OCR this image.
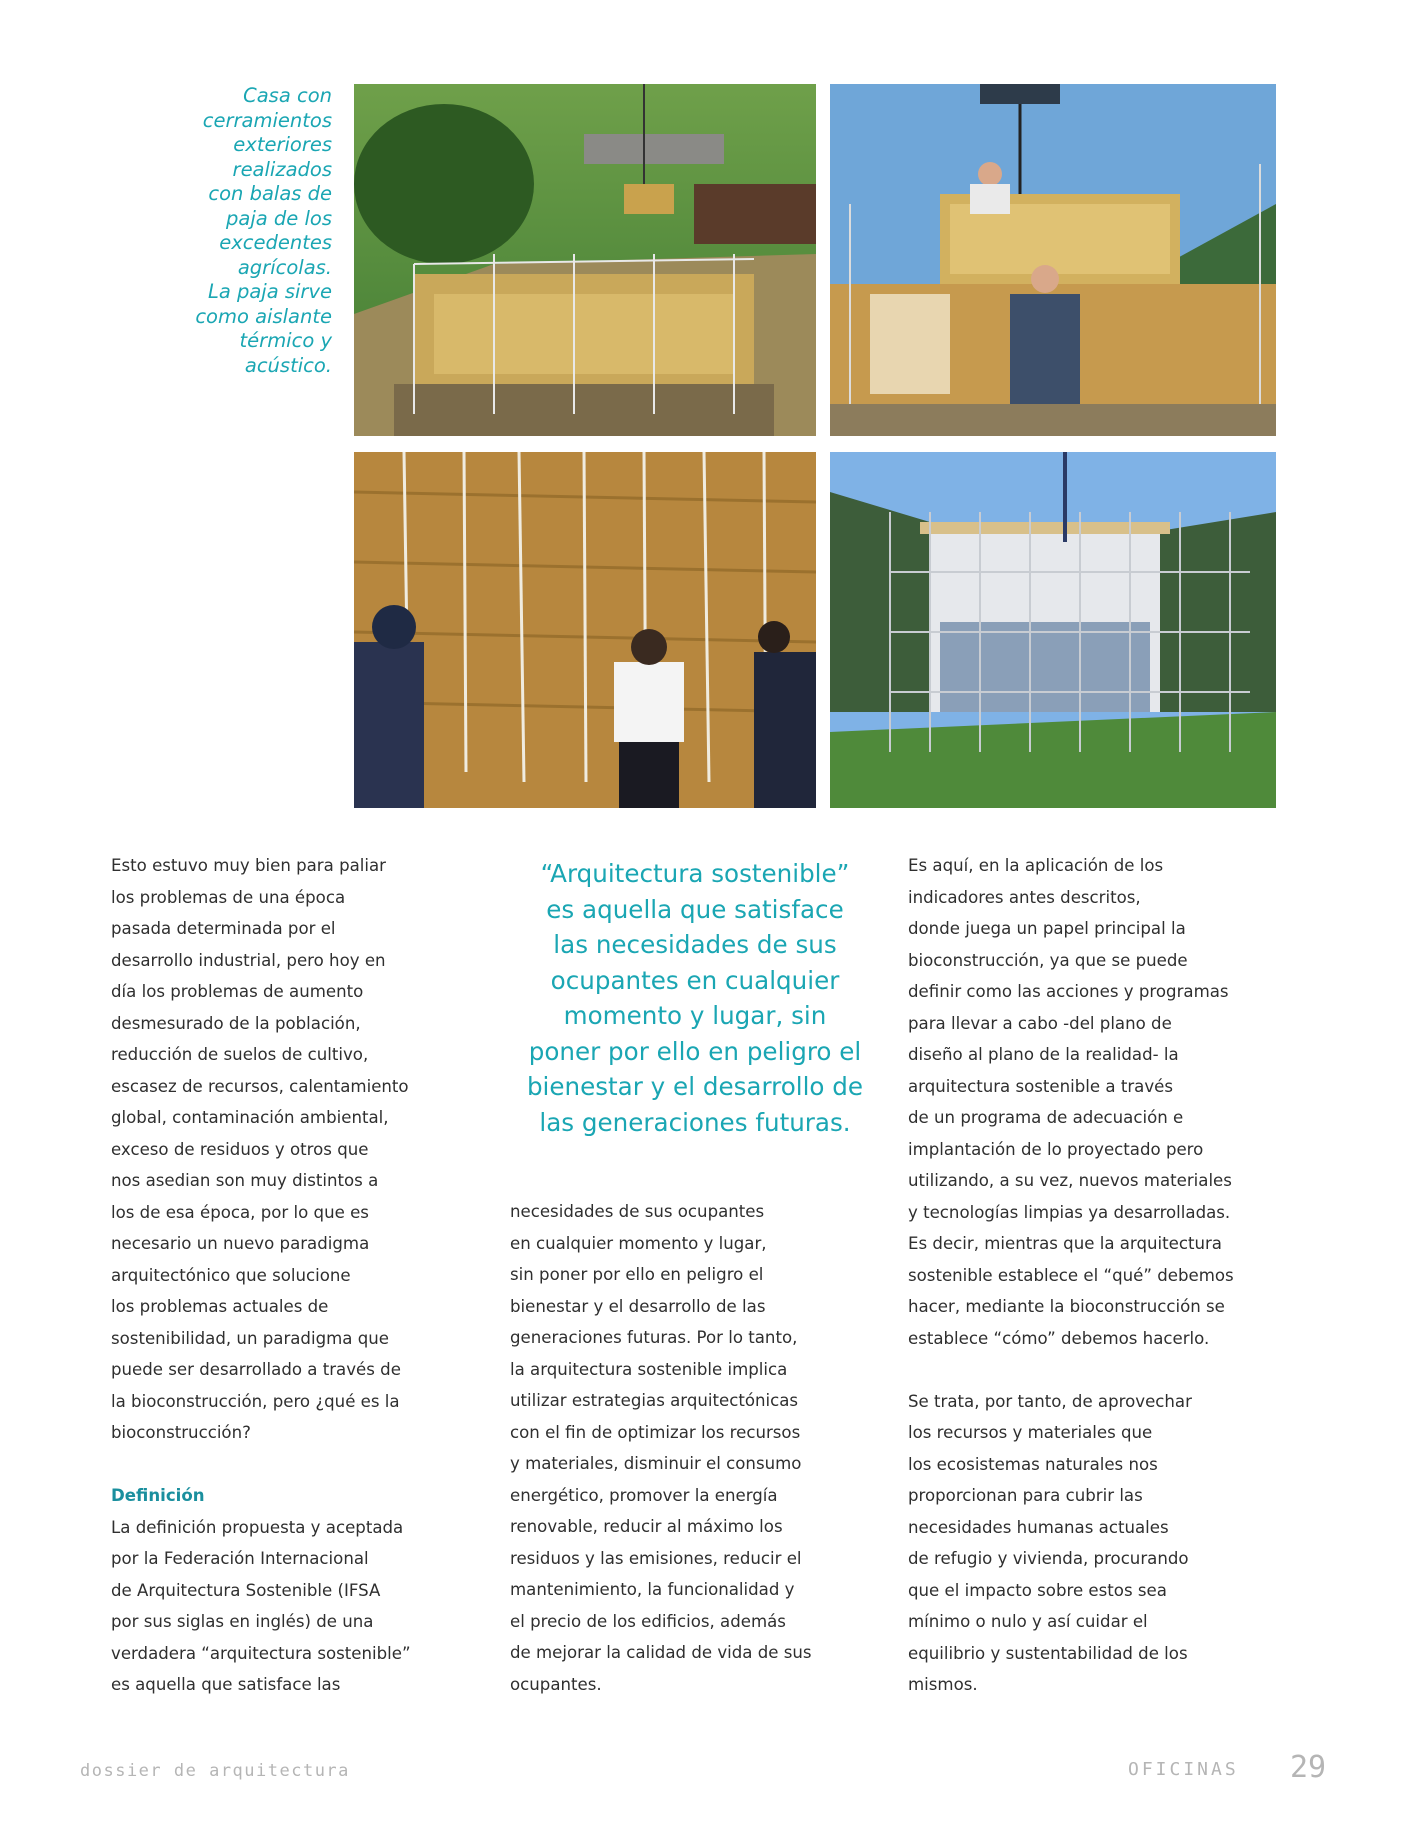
Casa con
cerramientos
exteriores
realizados
con balas de
paja de los
excedentes
agrícolas.
La paja sirve
como aislante
térmico y
acústico.
Esto estuvo muy bien para paliar
los problemas de una época
pasada determinada por el
desarrollo industrial, pero hoy en
día los problemas de aumento
desmesurado de la población,
reducción de suelos de cultivo,
escasez de recursos, calentamiento
global, contaminación ambiental,
exceso de residuos y otros que
nos asedian son muy distintos a
los de esa época, por lo que es
necesario un nuevo paradigma
arquitectónico que solucione
los problemas actuales de
sostenibilidad, un paradigma que
puede ser desarrollado a través de
la bioconstrucción, pero ¿qué es la
bioconstrucción?
Definición
La definición propuesta y aceptada
por la Federación Internacional
de Arquitectura Sostenible (IFSA
por sus siglas en inglés) de una
verdadera “arquitectura sostenible”
es aquella que satisface las
“Arquitectura sostenible”
es aquella que satisface
las necesidades de sus
ocupantes en cualquier
momento y lugar, sin
poner por ello en peligro el
bienestar y el desarrollo de
las generaciones futuras.
necesidades de sus ocupantes
en cualquier momento y lugar,
sin poner por ello en peligro el
bienestar y el desarrollo de las
generaciones futuras. Por lo tanto,
la arquitectura sostenible implica
utilizar estrategias arquitectónicas
con el fin de optimizar los recursos
y materiales, disminuir el consumo
energético, promover la energía
renovable, reducir al máximo los
residuos y las emisiones, reducir el
mantenimiento, la funcionalidad y
el precio de los edificios, además
de mejorar la calidad de vida de sus
ocupantes.
Es aquí, en la aplicación de los
indicadores antes descritos,
donde juega un papel principal la
bioconstrucción, ya que se puede
definir como las acciones y programas
para llevar a cabo -del plano de
diseño al plano de la realidad- la
arquitectura sostenible a través
de un programa de adecuación e
implantación de lo proyectado pero
utilizando, a su vez, nuevos materiales
y tecnologías limpias ya desarrolladas.
Es decir, mientras que la arquitectura
sostenible establece el “qué” debemos
hacer, mediante la bioconstrucción se
establece “cómo” debemos hacerlo.
Se trata, por tanto, de aprovechar
los recursos y materiales que
los ecosistemas naturales nos
proporcionan para cubrir las
necesidades humanas actuales
de refugio y vivienda, procurando
que el impacto sobre estos sea
mínimo o nulo y así cuidar el
equilibrio y sustentabilidad de los
mismos.
dossier de arquitectura	OFICINAS 29
